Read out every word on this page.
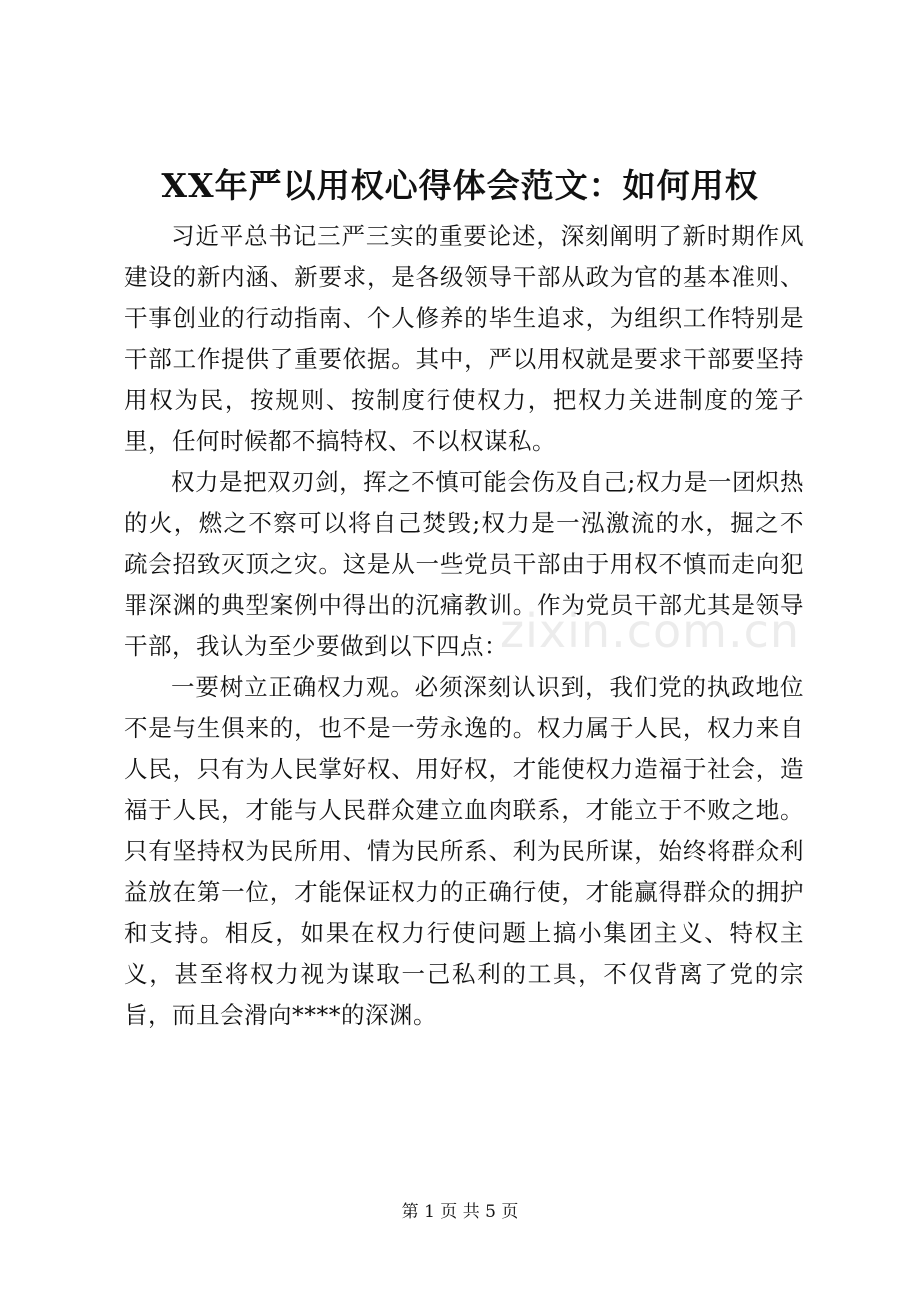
XX年严以用权心得体会范文：如何用权

习近平总书记三严三实的重要论述，深刻阐明了新时期作风建设的新内涵、新要求，是各级领导干部从政为官的基本准则、干事创业的行动指南、个人修养的毕生追求，为组织工作特别是干部工作提供了重要依据。其中，严以用权就是要求干部要坚持用权为民，按规则、按制度行使权力，把权力关进制度的笼子里，任何时候都不搞特权、不以权谋私。

权力是把双刃剑，挥之不慎可能会伤及自己;权力是一团炽热的火，燃之不察可以将自己焚毁;权力是一泓激流的水，掘之不疏会招致灭顶之灾。这是从一些党员干部由于用权不慎而走向犯罪深渊的典型案例中得出的沉痛教训。作为党员干部尤其是领导干部，我认为至少要做到以下四点：

一要树立正确权力观。必须深刻认识到，我们党的执政地位不是与生俱来的，也不是一劳永逸的。权力属于人民，权力来自人民，只有为人民掌好权、用好权，才能使权力造福于社会，造福于人民，才能与人民群众建立血肉联系，才能立于不败之地。只有坚持权为民所用、情为民所系、利为民所谋，始终将群众利益放在第一位，才能保证权力的正确行使，才能赢得群众的拥护和支持。相反，如果在权力行使问题上搞小集团主义、特权主义，甚至将权力视为谋取一己私利的工具，不仅背离了党的宗旨，而且会滑向****的深渊。

zixin.com.cn
第 1 页 共 5 页
